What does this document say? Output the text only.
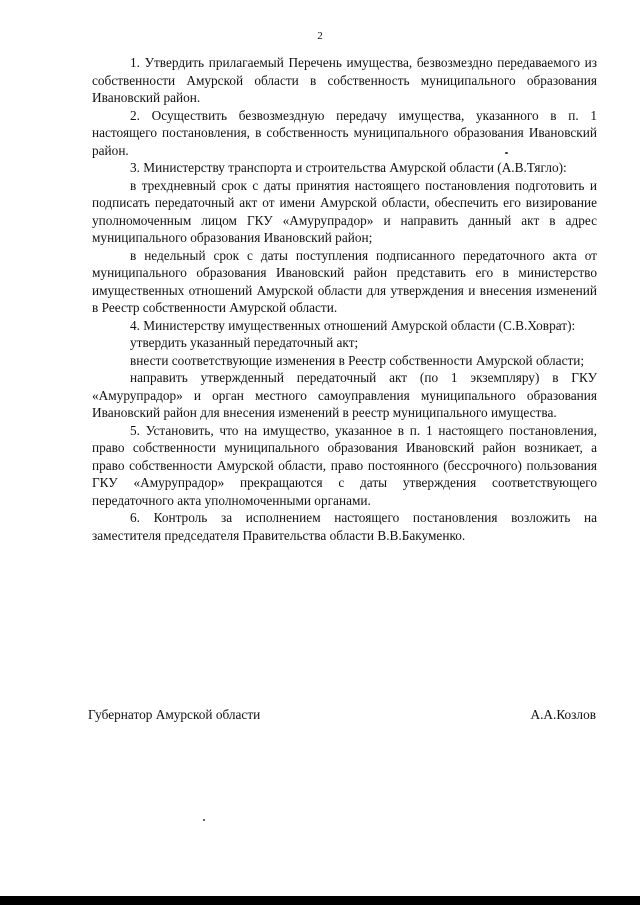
2

1. Утвердить прилагаемый Перечень имущества, безвозмездно передаваемого из собственности Амурской области в собственность муниципального образования Ивановский район.

2. Осуществить безвозмездную передачу имущества, указанного в п. 1 настоящего постановления, в собственность муниципального образования Ивановский район.

3. Министерству транспорта и строительства Амурской области (А.В.Тягло):

в трехдневный срок с даты принятия настоящего постановления подготовить и подписать передаточный акт от имени Амурской области, обеспечить его визирование уполномоченным лицом ГКУ «Амурупрадор» и направить данный акт в адрес муниципального образования Ивановский район;

в недельный срок с даты поступления подписанного передаточного акта от муниципального образования Ивановский район представить его в министерство имущественных отношений Амурской области для утверждения и внесения изменений в Реестр собственности Амурской области.

4. Министерству имущественных отношений Амурской области (С.В.Ховрат):

утвердить указанный передаточный акт;

внести соответствующие изменения в Реестр собственности Амурской области;

направить утвержденный передаточный акт (по 1 экземпляру) в ГКУ «Амурупрадор» и орган местного самоуправления муниципального образования Ивановский район для внесения изменений в реестр муниципального имущества.

5. Установить, что на имущество, указанное в п. 1 настоящего постановления, право собственности муниципального образования Ивановский район возникает, а право собственности Амурской области, право постоянного (бессрочного) пользования ГКУ «Амурупрадор» прекращаются с даты утверждения соответствующего передаточного акта уполномоченными органами.

6. Контроль за исполнением настоящего постановления возложить на заместителя председателя Правительства области В.В.Бакуменко.

Губернатор Амурской области	А.А.Козлов
